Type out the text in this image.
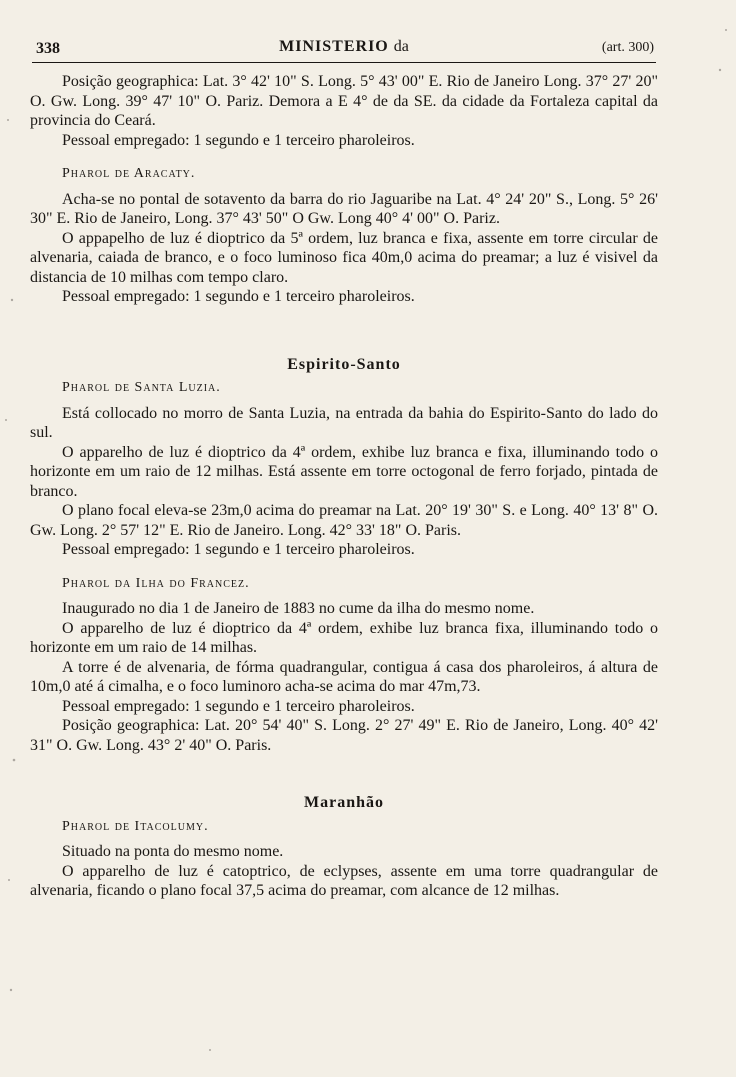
338	MINISTERIO da	(art. 300)

Posição geographica: Lat. 3° 42' 10" S. Long. 5° 43' 00" E. Rio de Janeiro Long. 37° 27' 20" O. Gw. Long. 39° 47' 10" O. Pariz. Demora a E 4° de da SE. da cidade da Fortaleza capital da provincia do Ceará.

Pessoal empregado: 1 segundo e 1 terceiro pharoleiros.

Pharol de Aracaty.

Acha-se no pontal de sotavento da barra do rio Jaguaribe na Lat. 4° 24' 20" S., Long. 5° 26' 30" E. Rio de Janeiro, Long. 37° 43' 50" O Gw. Long 40° 4' 00" O. Pariz.

O appapelho de luz é dioptrico da 5ª ordem, luz branca e fixa, assente em torre circular de alvenaria, caiada de branco, e o foco luminoso fica 40m,0 acima do preamar; a luz é visivel da distancia de 10 milhas com tempo claro.

Pessoal empregado: 1 segundo e 1 terceiro pharoleiros.

Espirito-Santo
Pharol de Santa Luzia.

Está collocado no morro de Santa Luzia, na entrada da bahia do Espirito-Santo do lado do sul.

O apparelho de luz é dioptrico da 4ª ordem, exhibe luz branca e fixa, illuminando todo o horizonte em um raio de 12 milhas. Está assente em torre octogonal de ferro forjado, pintada de branco.

O plano focal eleva-se 23m,0 acima do preamar na Lat. 20° 19' 30" S. e Long. 40° 13' 8" O. Gw. Long. 2° 57' 12" E. Rio de Janeiro. Long. 42° 33' 18" O. Paris.

Pessoal empregado: 1 segundo e 1 terceiro pharoleiros.

Pharol da Ilha do Francez.

Inaugurado no dia 1 de Janeiro de 1883 no cume da ilha do mesmo nome.

O apparelho de luz é dioptrico da 4ª ordem, exhibe luz branca fixa, illuminando todo o horizonte em um raio de 14 milhas.

A torre é de alvenaria, de fórma quadrangular, contigua á casa dos pharoleiros, á altura de 10m,0 até á cimalha, e o foco luminoro acha-se acima do mar 47m,73.

Pessoal empregado: 1 segundo e 1 terceiro pharoleiros.

Posição geographica: Lat. 20° 54' 40" S. Long. 2° 27' 49" E. Rio de Janeiro, Long. 40° 42' 31" O. Gw. Long. 43° 2' 40" O. Paris.

Maranhão
Pharol de Itacolumy.

Situado na ponta do mesmo nome.

O apparelho de luz é catoptrico, de eclypses, assente em uma torre quadrangular de alvenaria, ficando o plano focal 37,5 acima do preamar, com alcance de 12 milhas.
